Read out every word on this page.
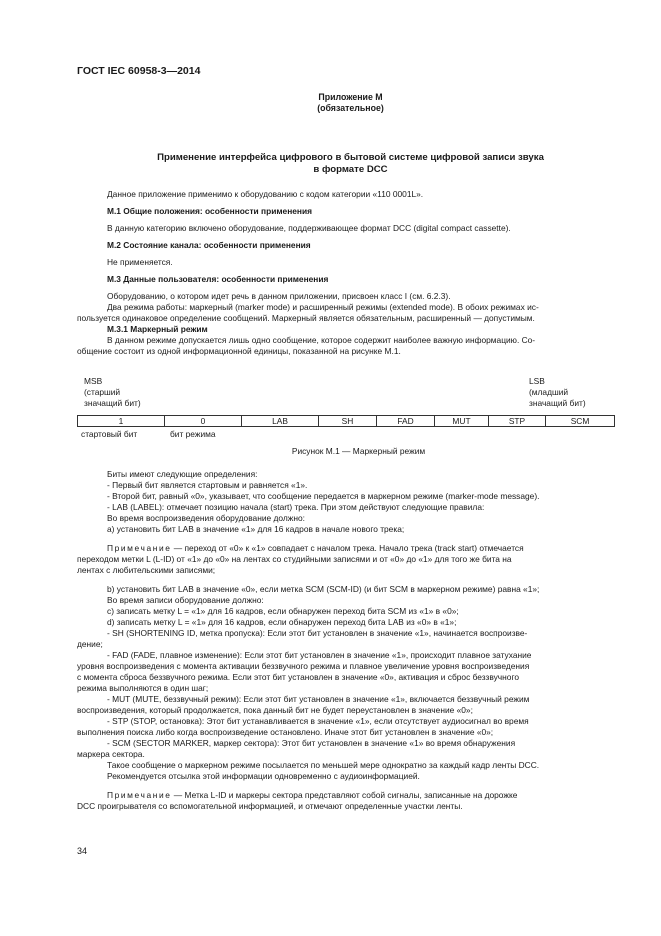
ГОСТ IEC 60958-3—2014
Приложение М
(обязательное)
Применение интерфейса цифрового в бытовой системе цифровой записи звука
в формате DCC

Данное приложение применимо к оборудованию с кодом категории «110 0001L».

М.1 Общие положения: особенности применения

В данную категорию включено оборудование, поддерживающее формат DCC (digital compact cassette).

М.2 Состояние канала: особенности применения

Не применяется.

М.3 Данные пользователя: особенности применения

Оборудованию, о котором идет речь в данном приложении, присвоен класс I (см. 6.2.3).

Два режима работы: маркерный (marker mode) и расширенный режимы (extended mode). В обоих режимах ис-

пользуется одинаковое определение сообщений. Маркерный является обязательным, расширенный — допустимым.

М.3.1 Маркерный режим

В данном режиме допускается лишь одно сообщение, которое содержит наиболее важную информацию. Со-

общение состоит из одной информационной единицы, показанной на рисунке М.1.

MSB
(старший
значащий бит)
LSB
(младший
значащий бит)
1	0	LAB	SH	FAD	MUT	STP	SCM
стартовый бит	бит режима
Рисунок М.1 — Маркерный режим

Биты имеют следующие определения:

- Первый бит является стартовым и равняется «1».

- Второй бит, равный «0», указывает, что сообщение передается в маркерном режиме (marker-mode message).

- LAB (LABEL): отмечает позицию начала (start) трека. При этом действуют следующие правила:

Во время воспроизведения оборудование должно:

а) установить бит LAB в значение «1» для 16 кадров в начале нового трека;

Примечание — переход от «0» к «1» совпадает с началом трека. Начало трека (track start) отмечается

переходом метки L (L-ID) от «1» до «0» на лентах со студийными записями и от «0» до «1» для того же бита на

лентах с любительскими записями;

b) установить бит LAB в значение «0», если метка SCM (SCM-ID) (и бит SCM в маркерном режиме) равна «1»;

Во время записи оборудование должно:

c) записать метку L = «1» для 16 кадров, если обнаружен переход бита SCM из «1» в «0»;

d) записать метку L = «1» для 16 кадров, если обнаружен переход бита LAB из «0» в «1»;

- SH (SHORTENING ID, метка пропуска): Если этот бит установлен в значение «1», начинается воспроизве-

дение;

- FAD (FADE, плавное изменение): Если этот бит установлен в значение «1», происходит плавное затухание

уровня воспроизведения с момента активации беззвучного режима и плавное увеличение уровня воспроизведения

с момента сброса беззвучного режима. Если этот бит установлен в значение «0», активация и сброс беззвучного

режима выполняются в один шаг;

- MUT (MUTE, беззвучный режим): Если этот бит установлен в значение «1», включается беззвучный режим

воспроизведения, который продолжается, пока данный бит не будет переустановлен в значение «0»;

- STP (STOP, остановка): Этот бит устанавливается в значение «1», если отсутствует аудиосигнал во время

выполнения поиска либо когда воспроизведение остановлено. Иначе этот бит установлен в значение «0»;

- SCM (SECTOR MARKER, маркер сектора): Этот бит установлен в значение «1» во время обнаружения

маркера сектора.

Такое сообщение о маркерном режиме посылается по меньшей мере однократно за каждый кадр ленты DCC.

Рекомендуется отсылка этой информации одновременно с аудиоинформацией.

Примечание — Метка L-ID и маркеры сектора представляют собой сигналы, записанные на дорожке

DCC проигрывателя со вспомогательной информацией, и отмечают определенные участки ленты.

34
